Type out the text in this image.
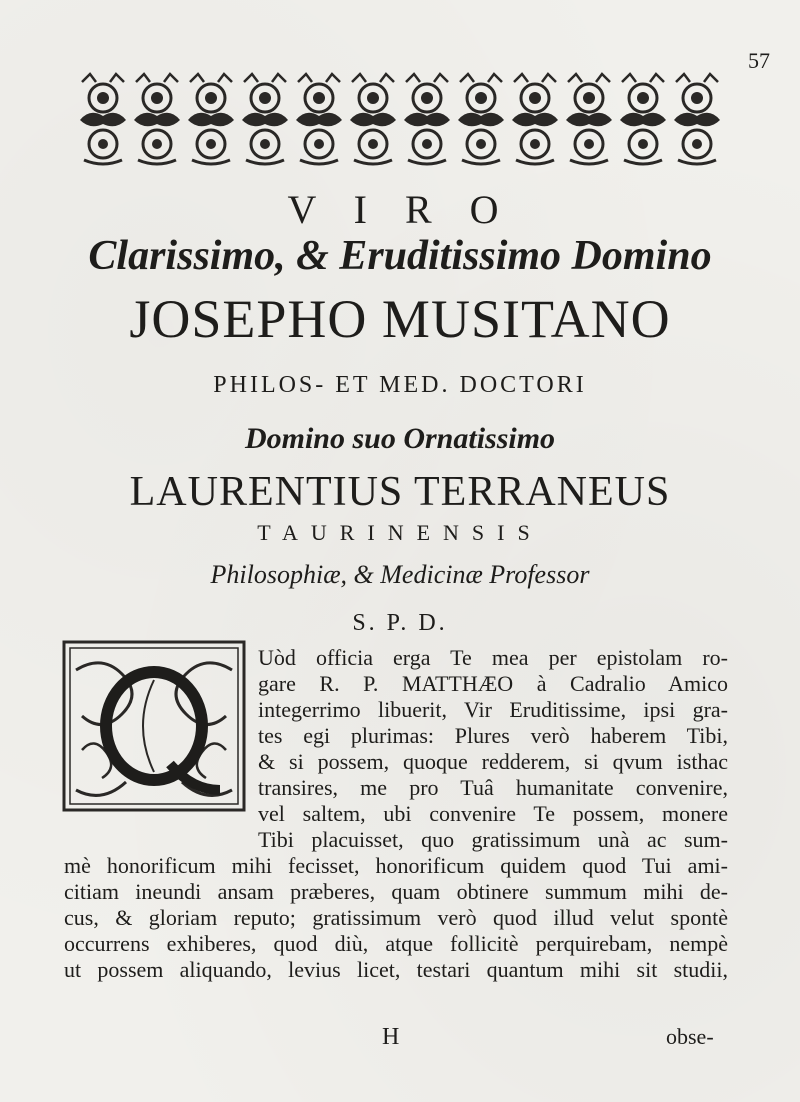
57
V I R O
Clarissimo, & Eruditissimo Domino
JOSEPHO MUSITANO
PHILOS- ET MED. DOCTORI
Domino suo Ornatissimo
LAURENTIUS TERRANEUS
TAURINENSIS
Philosophiæ, & Medicinæ Professor
S. P. D.
Uòd officia erga Te mea per epistolam ro-
gare R. P. MATTHÆO à Cadralio Amico
integerrimo libuerit, Vir Eruditissime, ipsi gra-
tes egi plurimas: Plures verò haberem Tibi,
& si possem, quoque redderem, si qvum isthac
transires, me pro Tuâ humanitate convenire,
vel saltem, ubi convenire Te possem, monere
Tibi placuisset, quo gratissimum unà ac sum-
mè honorificum mihi fecisset, honorificum quidem quod Tui ami-
citiam ineundi ansam præberes, quam obtinere summum mihi de-
cus, & gloriam reputo; gratissimum verò quod illud velut spontè
occurrens exhiberes, quod diù, atque follicitè perquirebam, nempè
ut possem aliquando, levius licet, testari quantum mihi sit studii,
H	obse-
